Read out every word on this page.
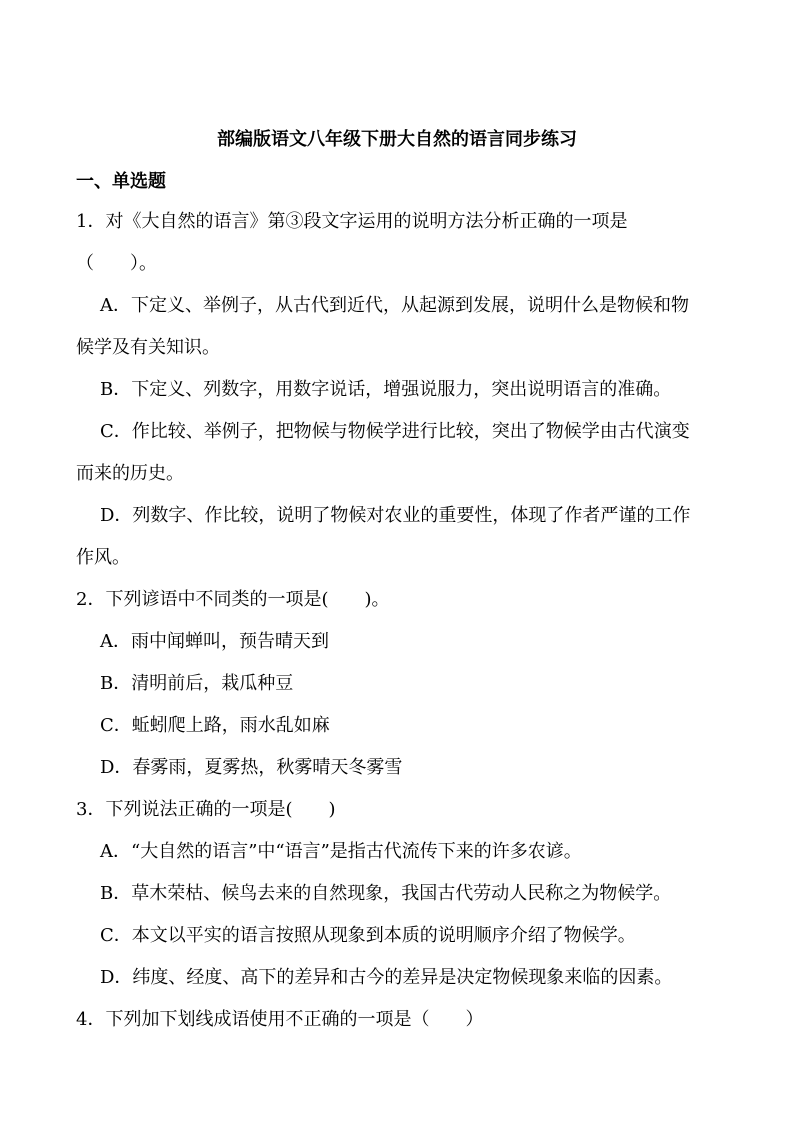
部编版语文八年级下册大自然的语言同步练习
一、单选题
1．对《大自然的语言》第③段文字运用的说明方法分析正确的一项是
（　　）。
A．下定义、举例子，从古代到近代，从起源到发展，说明什么是物候和物
候学及有关知识。
B．下定义、列数字，用数字说话，增强说服力，突出说明语言的准确。
C．作比较、举例子，把物候与物候学进行比较，突出了物候学由古代演变
而来的历史。
D．列数字、作比较，说明了物候对农业的重要性，体现了作者严谨的工作
作风。
2．下列谚语中不同类的一项是(　　)。
A．雨中闻蝉叫，预告晴天到
B．清明前后，栽瓜种豆
C．蚯蚓爬上路，雨水乱如麻
D．春雾雨，夏雾热，秋雾晴天冬雾雪
3．下列说法正确的一项是(　　)
A．“大自然的语言”中“语言”是指古代流传下来的许多农谚。
B．草木荣枯、候鸟去来的自然现象，我国古代劳动人民称之为物候学。
C．本文以平实的语言按照从现象到本质的说明顺序介绍了物候学。
D．纬度、经度、高下的差异和古今的差异是决定物候现象来临的因素。
4．下列加下划线成语使用不正确的一项是（　　）
